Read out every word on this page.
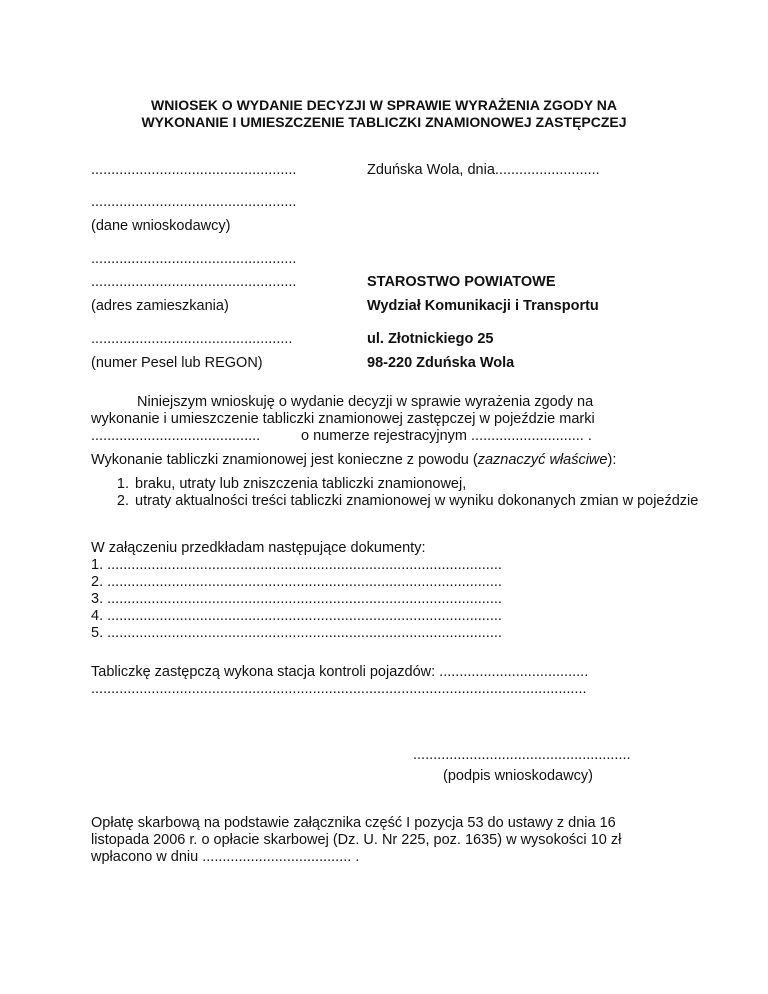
WNIOSEK O WYDANIE DECYZJI W SPRAWIE WYRAŻENIA ZGODY NA
WYKONANIE I UMIESZCZENIE TABLICZKI ZNAMIONOWEJ ZASTĘPCZEJ
...................................................
...................................................
(dane wnioskodawcy)
...................................................
...................................................
(adres zamieszkania)
..................................................
(numer Pesel lub REGON)
Zduńska Wola, dnia..........................
STAROSTWO POWIATOWE
Wydział Komunikacji i Transportu
ul. Złotnickiego 25
98-220 Zduńska Wola
Niniejszym wnioskuję o wydanie decyzji w sprawie wyrażenia zgody na
wykonanie i umieszczenie tabliczki znamionowej zastępczej w pojeździe marki
..........................................	o numerze rejestracyjnym ............................ .
Wykonanie tabliczki znamionowej jest konieczne z powodu (zaznaczyć właściwe):
1. braku, utraty lub zniszczenia tabliczki znamionowej,
2. utraty aktualności treści tabliczki znamionowej w wyniku dokonanych zmian w pojeździe
W załączeniu przedkładam następujące dokumenty:
1. ..................................................................................................
2. ..................................................................................................
3. ..................................................................................................
4. ..................................................................................................
5. ..................................................................................................
Tabliczkę zastępczą wykona stacja kontroli pojazdów: .....................................
...........................................................................................................................
......................................................
(podpis wnioskodawcy)
Opłatę skarbową na podstawie załącznika część I pozycja 53 do ustawy z dnia 16
listopada 2006 r. o opłacie skarbowej (Dz. U. Nr 225, poz. 1635) w wysokości 10 zł
wpłacono w dniu ..................................... .
